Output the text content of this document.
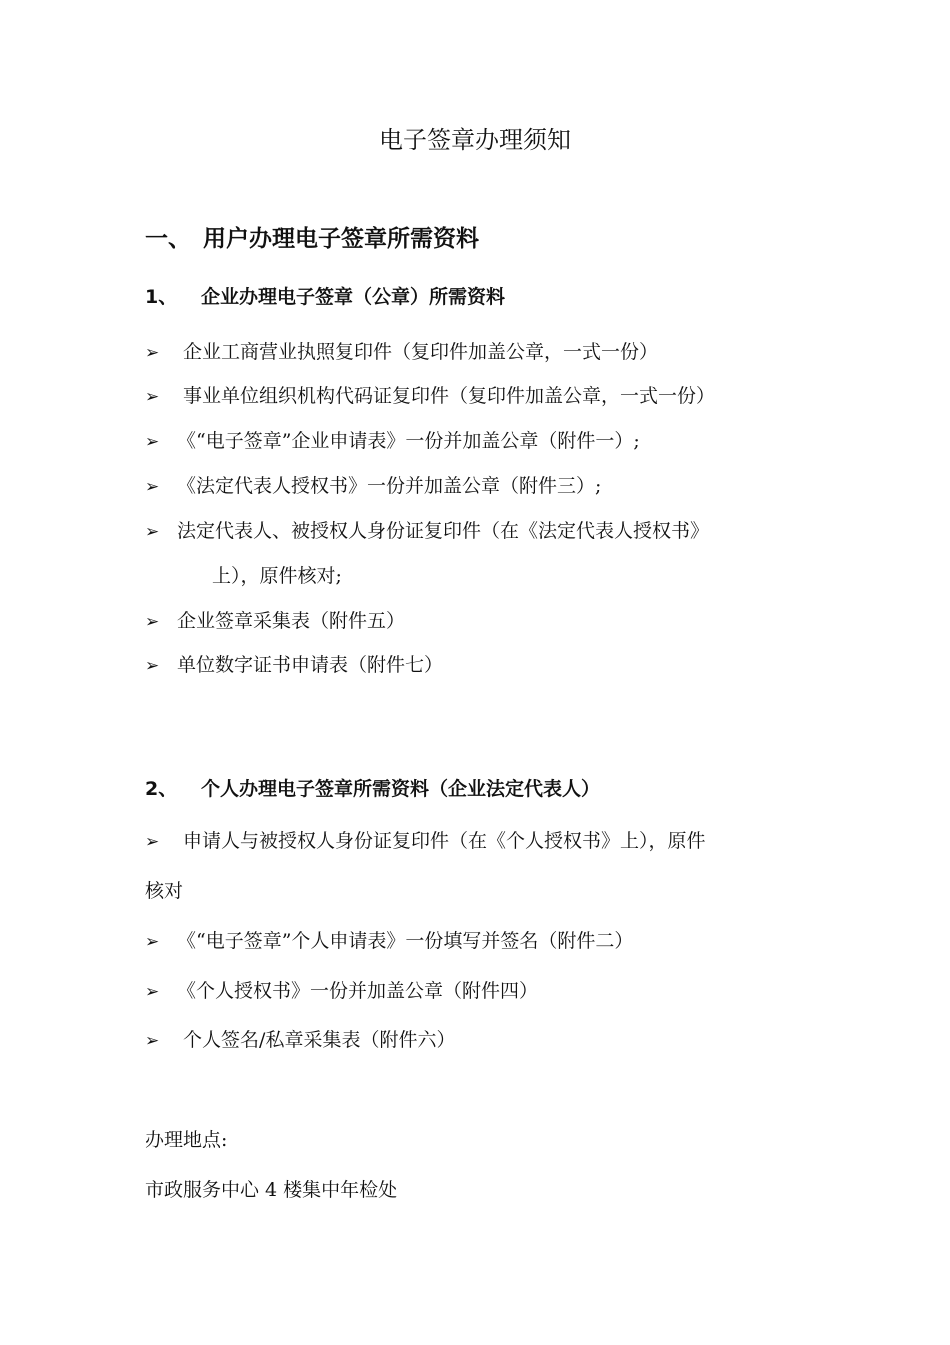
电子签章办理须知
一、 用户办理电子签章所需资料
1、 企业办理电子签章（公章）所需资料
➢ 企业工商营业执照复印件（复印件加盖公章，一式一份）
➢ 事业单位组织机构代码证复印件（复印件加盖公章，一式一份）
➢ 《“电子签章”企业申请表》一份并加盖公章（附件一）;
➢ 《法定代表人授权书》一份并加盖公章（附件三）;
➢ 法定代表人、被授权人身份证复印件（在《法定代表人授权书》
上），原件核对;
➢ 企业签章采集表（附件五）
➢ 单位数字证书申请表（附件七）
2、 个人办理电子签章所需资料（企业法定代表人）
➢ 申请人与被授权人身份证复印件（在《个人授权书》上），原件
核对
➢ 《“电子签章”个人申请表》一份填写并签名（附件二）
➢ 《个人授权书》一份并加盖公章（附件四）
➢ 个人签名/私章采集表（附件六）
办理地点:
市政服务中心 4 楼集中年检处
